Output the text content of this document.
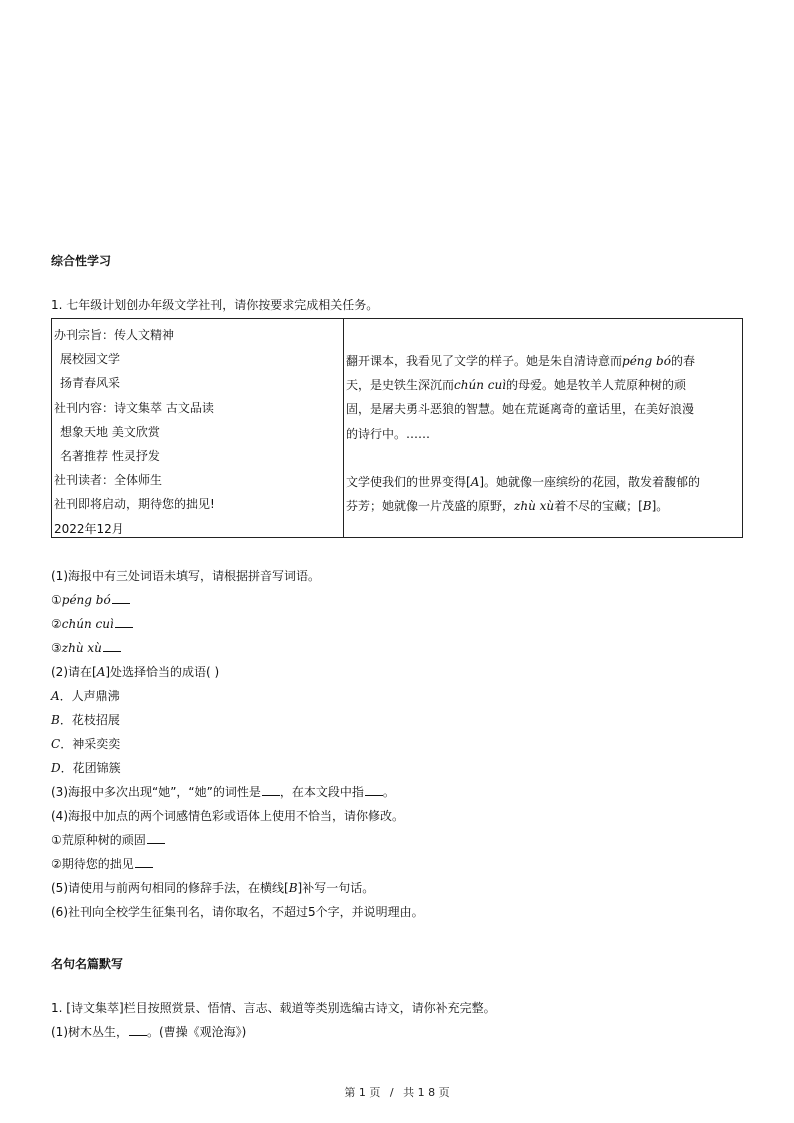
综合性学习
1. 七年级计划创办年级文学社刊，请你按要求完成相关任务。
办刊宗旨：传人文精神
展校园文学
扬青春风采
社刊内容：诗文集萃 古文品读
想象天地 美文欣赏
名著推荐 性灵抒发
社刊读者：全体师生
社刊即将启动，期待您的拙见!
2022年12月
翻开课本，我看见了文学的样子。她是朱自清诗意而péng bó的春
天，是史铁生深沉而chún cuì的母爱。她是牧羊人荒原种树的顽
固，是屠夫勇斗恶狼的智慧。她在荒诞离奇的童话里，在美好浪漫
的诗行中。……
文学使我们的世界变得[A]。她就像一座缤纷的花园，散发着馥郁的
芬芳；她就像一片茂盛的原野，zhù xù着不尽的宝藏；[B]。
(1)海报中有三处词语未填写，请根据拼音写词语。
①péng bó
②chún cuì
③zhù xù
(2)请在[A]处选择恰当的成语( )
A．人声鼎沸
B．花枝招展
C．神采奕奕
D．花团锦簇
(3)海报中多次出现“她”，“她”的词性是 ，在本文段中指 。
(4)海报中加点的两个词感情色彩或语体上使用不恰当，请你修改。
①荒原种树的顽固
②期待您的拙见
(5)请使用与前两句相同的修辞手法，在横线[B]补写一句话。
(6)社刊向全校学生征集刊名，请你取名，不超过5个字，并说明理由。
名句名篇默写
1. [诗文集萃]栏目按照赏景、悟情、言志、载道等类别选编古诗文，请你补充完整。
(1)树木丛生， 。(曹操《观沧海》)
第 1 页 / 共 1 8 页
